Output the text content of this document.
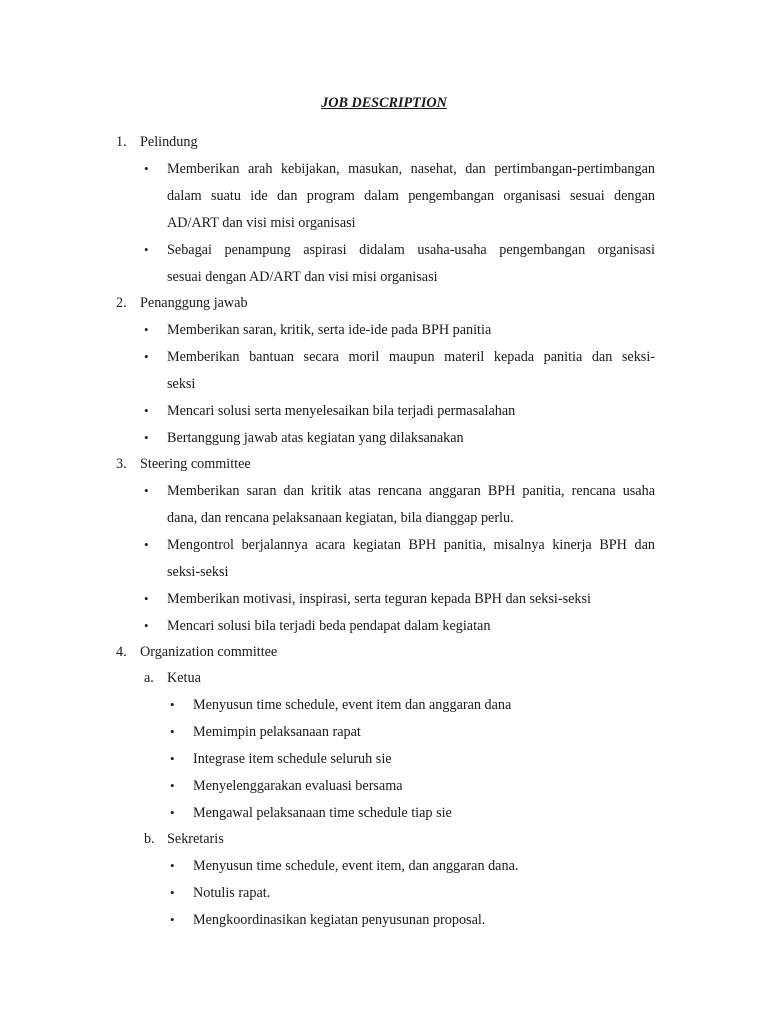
JOB DESCRIPTION
1. Pelindung
• Memberikan arah kebijakan, masukan, nasehat, dan pertimbangan-pertimbangan
dalam suatu ide dan program dalam pengembangan organisasi sesuai dengan
AD/ART dan visi misi organisasi
• Sebagai penampung aspirasi didalam usaha-usaha pengembangan organisasi
sesuai dengan AD/ART dan visi misi organisasi
2. Penanggung jawab
• Memberikan saran, kritik, serta ide-ide pada BPH panitia
• Memberikan bantuan secara moril maupun materil kepada panitia dan seksi-
seksi
• Mencari solusi serta menyelesaikan bila terjadi permasalahan
• Bertanggung jawab atas kegiatan yang dilaksanakan
3. Steering committee
• Memberikan saran dan kritik atas rencana anggaran BPH panitia, rencana usaha
dana, dan rencana pelaksanaan kegiatan, bila dianggap perlu.
• Mengontrol berjalannya acara kegiatan BPH panitia, misalnya kinerja BPH dan
seksi-seksi
• Memberikan motivasi, inspirasi, serta teguran kepada BPH dan seksi-seksi
• Mencari solusi bila terjadi beda pendapat dalam kegiatan
4. Organization committee
a. Ketua
• Menyusun time schedule, event item dan anggaran dana
• Memimpin pelaksanaan rapat
• Integrase item schedule seluruh sie
• Menyelenggarakan evaluasi bersama
• Mengawal pelaksanaan time schedule tiap sie
b. Sekretaris
• Menyusun time schedule, event item, dan anggaran dana.
• Notulis rapat.
• Mengkoordinasikan kegiatan penyusunan proposal.
